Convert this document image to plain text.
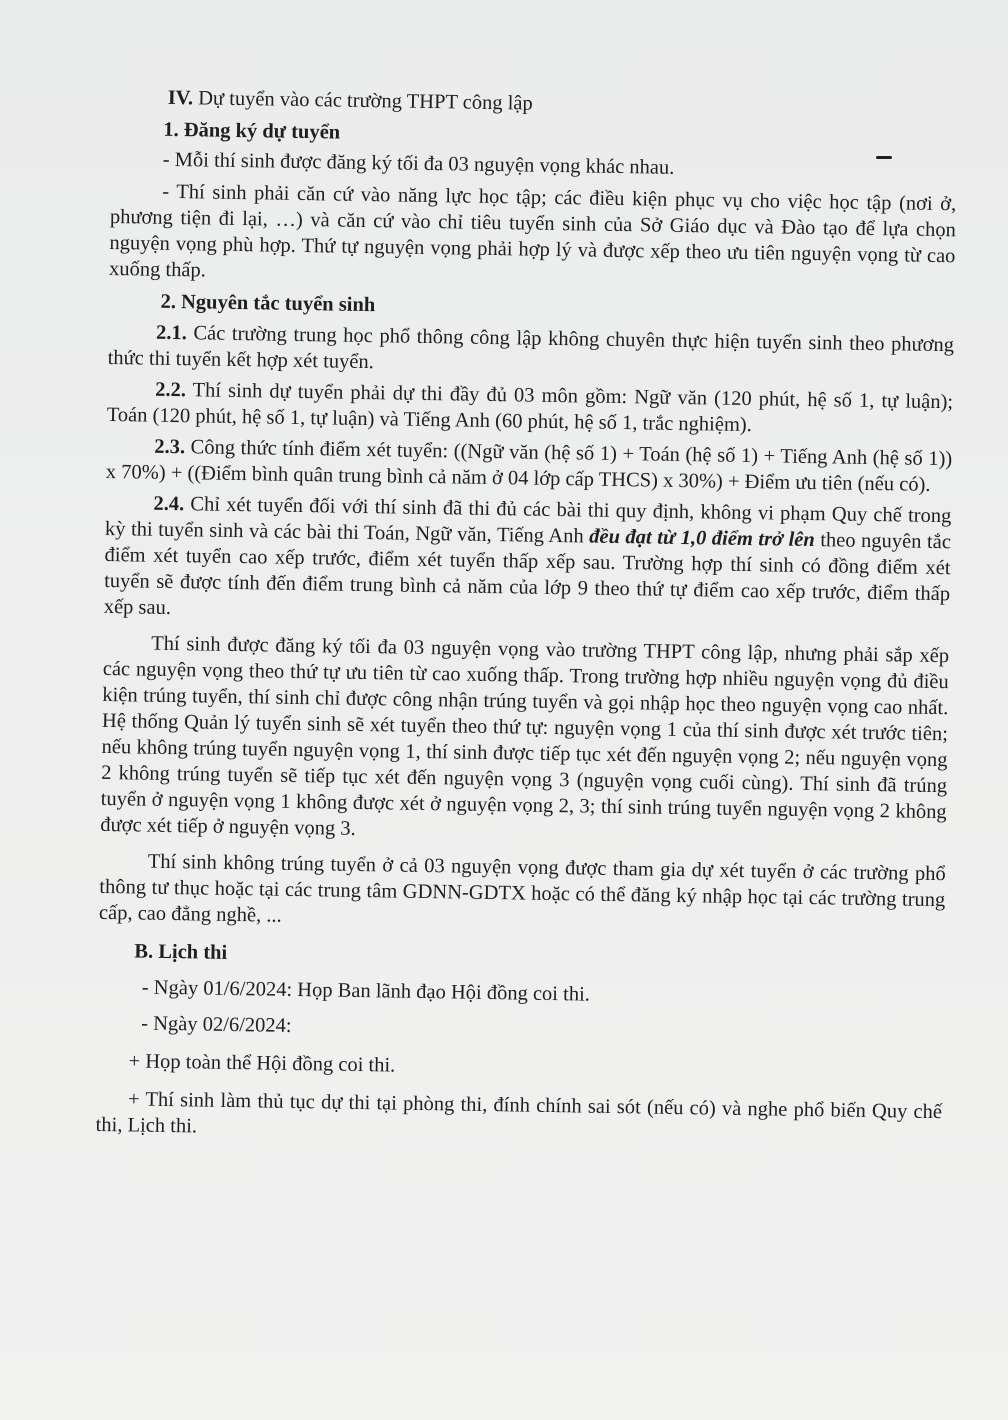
IV. Dự tuyển vào các trường THPT công lập

1. Đăng ký dự tuyển

- Mỗi thí sinh được đăng ký tối đa 03 nguyện vọng khác nhau.

- Thí sinh phải căn cứ vào năng lực học tập; các điều kiện phục vụ cho việc học tập (nơi ở, phương tiện đi lại, …) và căn cứ vào chỉ tiêu tuyển sinh của Sở Giáo dục và Đào tạo để lựa chọn nguyện vọng phù hợp. Thứ tự nguyện vọng phải hợp lý và được xếp theo ưu tiên nguyện vọng từ cao xuống thấp.

2. Nguyên tắc tuyển sinh

2.1. Các trường trung học phổ thông công lập không chuyên thực hiện tuyển sinh theo phương thức thi tuyển kết hợp xét tuyển.

2.2. Thí sinh dự tuyển phải dự thi đầy đủ 03 môn gồm: Ngữ văn (120 phút, hệ số 1, tự luận); Toán (120 phút, hệ số 1, tự luận) và Tiếng Anh (60 phút, hệ số 1, trắc nghiệm).

2.3. Công thức tính điểm xét tuyển: ((Ngữ văn (hệ số 1) + Toán (hệ số 1) + Tiếng Anh (hệ số 1)) x 70%) + ((Điểm bình quân trung bình cả năm ở 04 lớp cấp THCS) x 30%) + Điểm ưu tiên (nếu có).

2.4. Chỉ xét tuyển đối với thí sinh đã thi đủ các bài thi quy định, không vi phạm Quy chế trong kỳ thi tuyển sinh và các bài thi Toán, Ngữ văn, Tiếng Anh đều đạt từ 1,0 điểm trở lên theo nguyên tắc điểm xét tuyển cao xếp trước, điểm xét tuyển thấp xếp sau. Trường hợp thí sinh có đồng điểm xét tuyển sẽ được tính đến điểm trung bình cả năm của lớp 9 theo thứ tự điểm cao xếp trước, điểm thấp xếp sau.

Thí sinh được đăng ký tối đa 03 nguyện vọng vào trường THPT công lập, nhưng phải sắp xếp các nguyện vọng theo thứ tự ưu tiên từ cao xuống thấp. Trong trường hợp nhiều nguyện vọng đủ điều kiện trúng tuyển, thí sinh chỉ được công nhận trúng tuyển và gọi nhập học theo nguyện vọng cao nhất. Hệ thống Quản lý tuyển sinh sẽ xét tuyển theo thứ tự: nguyện vọng 1 của thí sinh được xét trước tiên; nếu không trúng tuyển nguyện vọng 1, thí sinh được tiếp tục xét đến nguyện vọng 2; nếu nguyện vọng 2 không trúng tuyển sẽ tiếp tục xét đến nguyện vọng 3 (nguyện vọng cuối cùng). Thí sinh đã trúng tuyển ở nguyện vọng 1 không được xét ở nguyện vọng 2, 3; thí sinh trúng tuyển nguyện vọng 2 không được xét tiếp ở nguyện vọng 3.

Thí sinh không trúng tuyển ở cả 03 nguyện vọng được tham gia dự xét tuyển ở các trường phổ thông tư thục hoặc tại các trung tâm GDNN-GDTX hoặc có thể đăng ký nhập học tại các trường trung cấp, cao đẳng nghề, ...

B. Lịch thi

- Ngày 01/6/2024: Họp Ban lãnh đạo Hội đồng coi thi.

- Ngày 02/6/2024:

+ Họp toàn thể Hội đồng coi thi.

+ Thí sinh làm thủ tục dự thi tại phòng thi, đính chính sai sót (nếu có) và nghe phổ biến Quy chế thi, Lịch thi.
